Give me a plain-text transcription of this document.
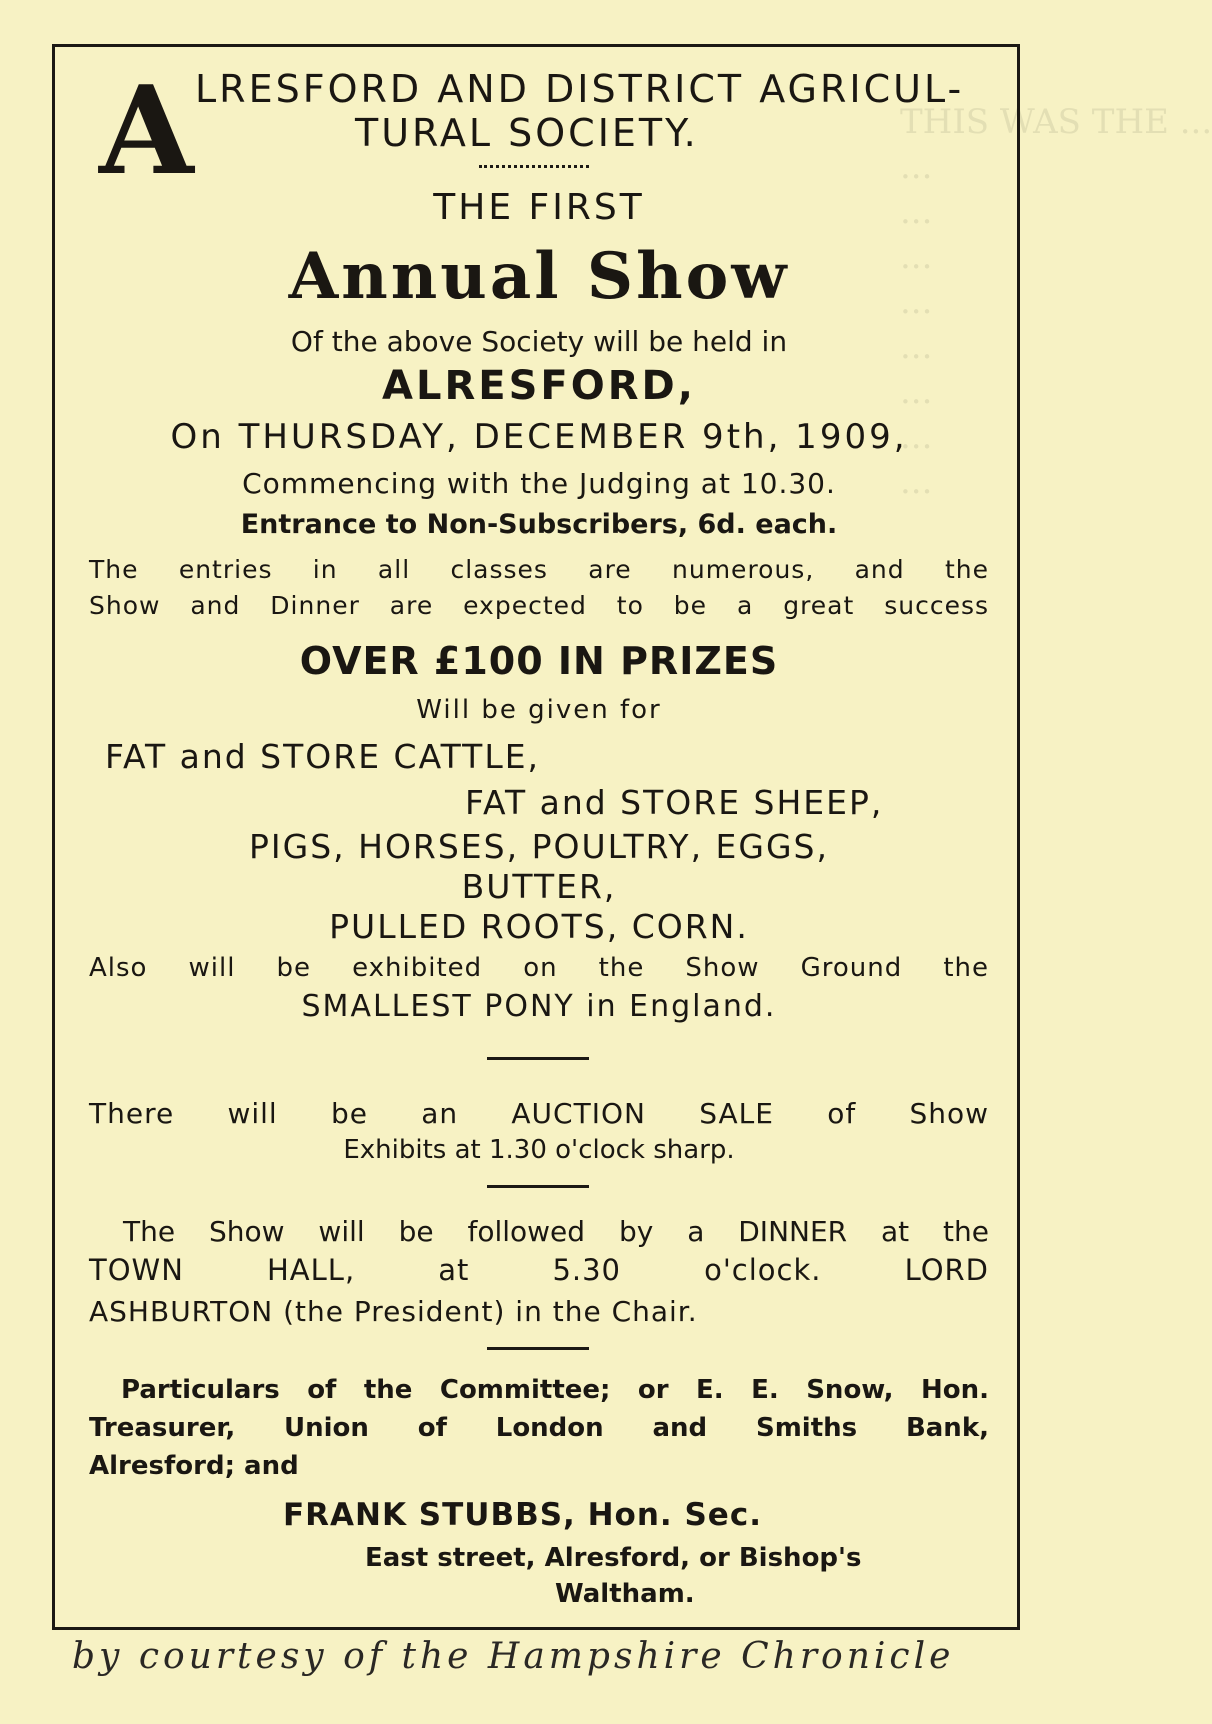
THIS WAS THE ...
...
...
...
...
...
...
...
...
A LRESFORD AND DISTRICT AGRICUL-
TURAL SOCIETY.
THE FIRST
Annual Show
Of the above Society will be held in
ALRESFORD,
On THURSDAY, DECEMBER 9th, 1909,
Commencing with the Judging at 10.30.
Entrance to Non-Subscribers, 6d. each.
The entries in all classes are numerous, and the
Show and Dinner are expected to be a great success
OVER £100 IN PRIZES
Will be given for
FAT and STORE CATTLE,
FAT and STORE SHEEP,
PIGS, HORSES, POULTRY, EGGS,
BUTTER,
PULLED ROOTS, CORN.
Also will be exhibited on the Show Ground the
SMALLEST PONY in England.
There will be an AUCTION SALE of Show
Exhibits at 1.30 o'clock sharp.
The Show will be followed by a DINNER at the
TOWN HALL, at 5.30 o'clock. LORD
ASHBURTON (the President) in the Chair.
Particulars of the Committee; or E. E. Snow, Hon.
Treasurer, Union of London and Smiths Bank,
Alresford; and
FRANK STUBBS, Hon. Sec.
East street, Alresford, or Bishop's
Waltham.
by courtesy of the Hampshire Chronicle
